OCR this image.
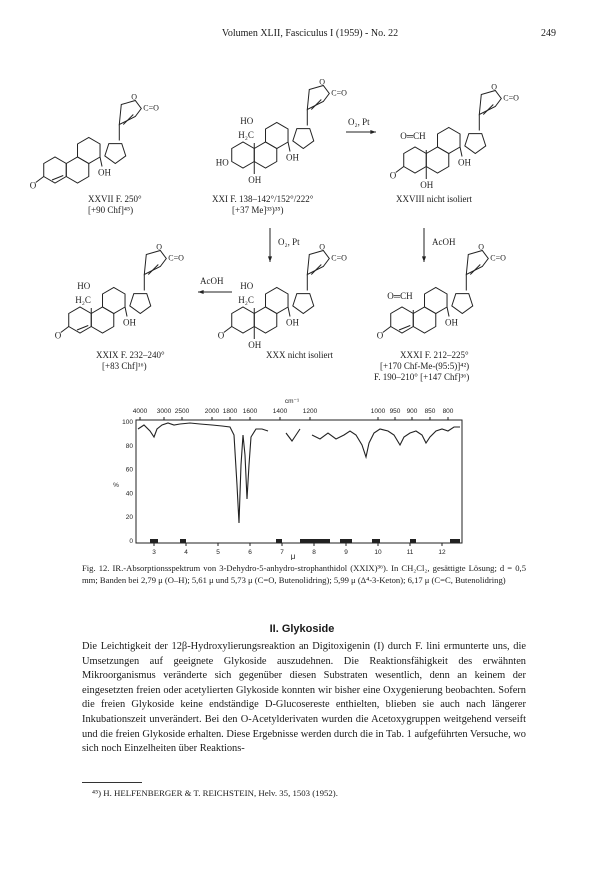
Volumen XLII, Fasciculus I (1959) - No. 22	249
OH
O
C=O
O
OH
O
C=O
HO
OH
HO
H₂C
OH
O
C=O
O
OH
O═CH
OH
O
C=O
O
HO
H₂C
OH
O
C=O
O
OH
HO
H₂C
OH
O
C=O
O
O═CH
O₂, Pt
O₂, Pt	AcOH
AcOH
XXVII F. 250°
[+90 Chf]⁴⁵)
XXI F. 138–142°/152°/222°
[+37 Me]³³)³⁵)
XXVIII nicht isoliert
XXIX F. 232–240°
[+83 Chf]¹⁶)
XXX nicht isoliert	XXXI F. 212–225°
[+170 Chf-Me-(95:5)]⁴²)
F. 190–210° [+147 Chf]³⁶)
cm⁻¹
4000 3000 2500 2000 1800 1600 1400 1200	1000 950 900 850 800
100
80
60
40
20
0
%
3	4	5	6	7	8	9	10	11	12
μ
Fig. 12. IR.-Absorptionsspektrum von 3-Dehydro-5-anhydro-strophanthidol (XXIX)³⁶). In CH₂Cl₂, gesättigte Lösung; d = 0,5 mm; Banden bei 2,79 μ (O–H); 5,61 μ und 5,73 μ (C=O, Butenolidring); 5,99 μ (Δ⁴-3-Keton); 6,17 μ (C=C, Butenolidring)
II. Glykoside

Die Leichtigkeit der 12β-Hydroxylierungsreaktion an Digitoxigenin (I) durch F. lini ermunterte uns, die Umsetzungen auf geeignete Glykoside auszudehnen. Die Reaktionsfähigkeit des erwähnten Mikroorganismus veränderte sich gegenüber diesen Substraten wesentlich, denn an keinem der eingesetzten freien oder acetylierten Glykoside konnten wir bisher eine Oxygenierung beobachten. Sofern die freien Glykoside keine endständige D-Glucosereste enthielten, blieben sie auch nach längerer Inkubationszeit unverändert. Bei den O-Acetylderivaten wurden die Acetoxygruppen weitgehend verseift und die freien Glykoside erhalten. Diese Ergebnisse werden durch die in Tab. 1 aufgeführten Versuche, wo sich noch Einzelheiten über Reaktions-

⁴⁵) H. HELFENBERGER & T. REICHSTEIN, Helv. 35, 1503 (1952).
